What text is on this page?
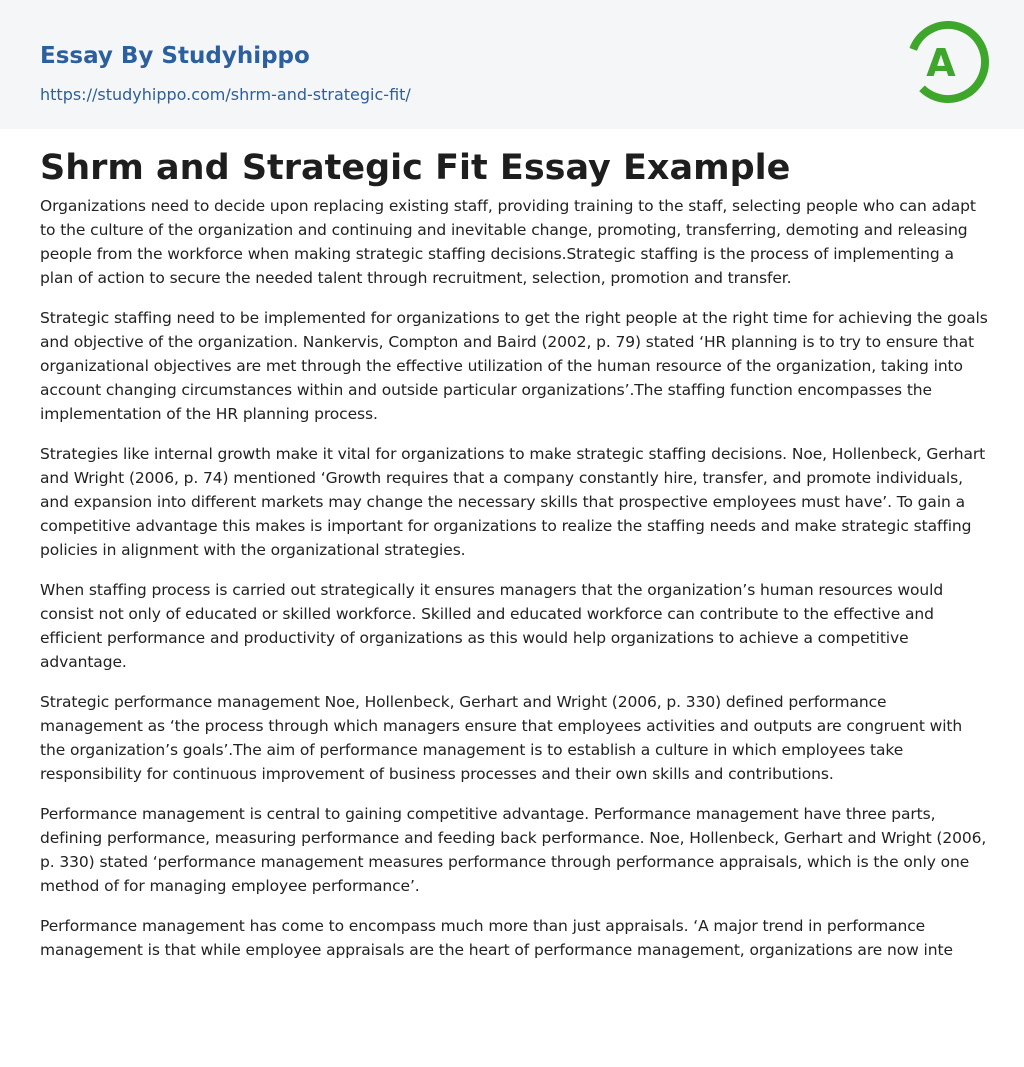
Essay By Studyhippo
https://studyhippo.com/shrm-and-strategic-fit/
A
Shrm and Strategic Fit Essay Example

Organizations need to decide upon replacing existing staff, providing training to the staff, selecting people who can adapt to the culture of the organization and continuing and inevitable change, promoting, transferring, demoting and releasing people from the workforce when making strategic staffing decisions.Strategic staffing is the process of implementing a plan of action to secure the needed talent through recruitment, selection, promotion and transfer.

Strategic staffing need to be implemented for organizations to get the right people at the right time for achieving the goals and objective of the organization. Nankervis, Compton and Baird (2002, p. 79) stated ‘HR planning is to try to ensure that organizational objectives are met through the effective utilization of the human resource of the organization, taking into account changing circumstances within and outside particular organizations’.The staffing function encompasses the implementation of the HR planning process.

Strategies like internal growth make it vital for organizations to make strategic staffing decisions. Noe, Hollenbeck, Gerhart and Wright (2006, p. 74) mentioned ‘Growth requires that a company constantly hire, transfer, and promote individuals, and expansion into different markets may change the necessary skills that prospective employees must have’. To gain a competitive advantage this makes is important for organizations to realize the staffing needs and make strategic staffing policies in alignment with the organizational strategies.

When staffing process is carried out strategically it ensures managers that the organization’s human resources would consist not only of educated or skilled workforce. Skilled and educated workforce can contribute to the effective and efficient performance and productivity of organizations as this would help organizations to achieve a competitive advantage.

Strategic performance management Noe, Hollenbeck, Gerhart and Wright (2006, p. 330) defined performance management as ‘the process through which managers ensure that employees activities and outputs are congruent with the organization’s goals’.The aim of performance management is to establish a culture in which employees take responsibility for continuous improvement of business processes and their own skills and contributions.

Performance management is central to gaining competitive advantage. Performance management have three parts, defining performance, measuring performance and feeding back performance. Noe, Hollenbeck, Gerhart and Wright (2006, p. 330) stated ‘performance management measures performance through performance appraisals, which is the only one method of for managing employee performance’.

Performance management has come to encompass much more than just appraisals. ‘A major trend in performance management is that while employee appraisals are the heart of performance management, organizations are now inte
